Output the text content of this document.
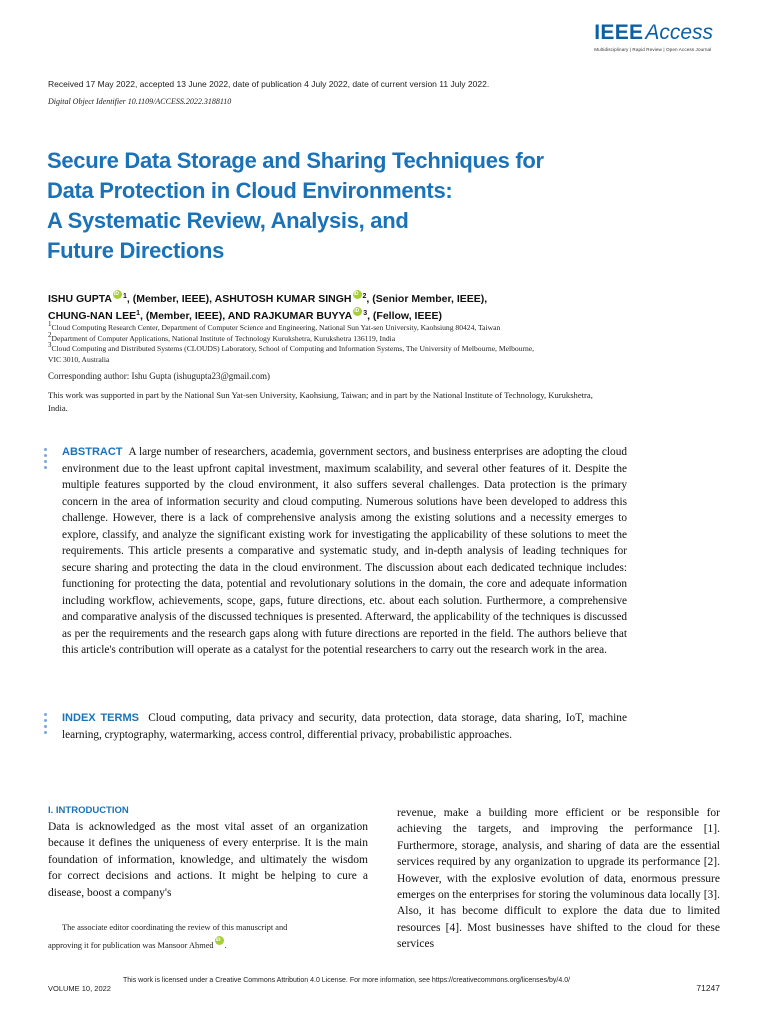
IEEEAccess
Multidisciplinary | Rapid Review | Open Access Journal
Received 17 May 2022, accepted 13 June 2022, date of publication 4 July 2022, date of current version 11 July 2022.
Digital Object Identifier 10.1109/ACCESS.2022.3188110
Secure Data Storage and Sharing Techniques for
Data Protection in Cloud Environments:
A Systematic Review, Analysis, and
Future Directions
ISHU GUPTA iD $^1$, (Member, IEEE), ASHUTOSH KUMAR SINGH iD $^2$, (Senior Member, IEEE),
CHUNG-NAN LEE$^1$, (Member, IEEE), AND RAJKUMAR BUYYA iD $^3$, (Fellow, IEEE)
$^1$Cloud Computing Research Center, Department of Computer Science and Engineering, National Sun Yat-sen University, Kaohsiung 80424, Taiwan
$^2$Department of Computer Applications, National Institute of Technology Kurukshetra, Kurukshetra 136119, India
$^3$Cloud Computing and Distributed Systems (CLOUDS) Laboratory, School of Computing and Information Systems, The University of Melbourne, Melbourne,
VIC 3010, Australia
Corresponding author: Ishu Gupta (ishugupta23@gmail.com)
This work was supported in part by the National Sun Yat-sen University, Kaohsiung, Taiwan; and in part by the National Institute of Technology, Kurukshetra, India.
ABSTRACT A large number of researchers, academia, government sectors, and business enterprises are adopting the cloud environment due to the least upfront capital investment, maximum scalability, and several other features of it. Despite the multiple features supported by the cloud environment, it also suffers several challenges. Data protection is the primary concern in the area of information security and cloud computing. Numerous solutions have been developed to address this challenge. However, there is a lack of comprehensive analysis among the existing solutions and a necessity emerges to explore, classify, and analyze the significant existing work for investigating the applicability of these solutions to meet the requirements. This article presents a comparative and systematic study, and in-depth analysis of leading techniques for secure sharing and protecting the data in the cloud environment. The discussion about each dedicated technique includes: functioning for protecting the data, potential and revolutionary solutions in the domain, the core and adequate information including workflow, achievements, scope, gaps, future directions, etc. about each solution. Furthermore, a comprehensive and comparative analysis of the discussed techniques is presented. Afterward, the applicability of the techniques is discussed as per the requirements and the research gaps along with future directions are reported in the field. The authors believe that this article's contribution will operate as a catalyst for the potential researchers to carry out the research work in the area.
INDEX TERMS Cloud computing, data privacy and security, data protection, data storage, data sharing, IoT, machine learning, cryptography, watermarking, access control, differential privacy, probabilistic approaches.
I. INTRODUCTION
Data is acknowledged as the most vital asset of an organization because it defines the uniqueness of every enterprise. It is the main foundation of information, knowledge, and ultimately the wisdom for correct decisions and actions. It might be helping to cure a disease, boost a company's
The associate editor coordinating the review of this manuscript and
approving it for publication was Mansoor AhmediD .
revenue, make a building more efficient or be responsible for achieving the targets, and improving the performance [1]. Furthermore, storage, analysis, and sharing of data are the essential services required by any organization to upgrade its performance [2]. However, with the explosive evolution of data, enormous pressure emerges on the enterprises for storing the voluminous data locally [3]. Also, it has become difficult to explore the data due to limited resources [4]. Most businesses have shifted to the cloud for these services
VOLUME 10, 2022
This work is licensed under a Creative Commons Attribution 4.0 License. For more information, see https://creativecommons.org/licenses/by/4.0/
71247
